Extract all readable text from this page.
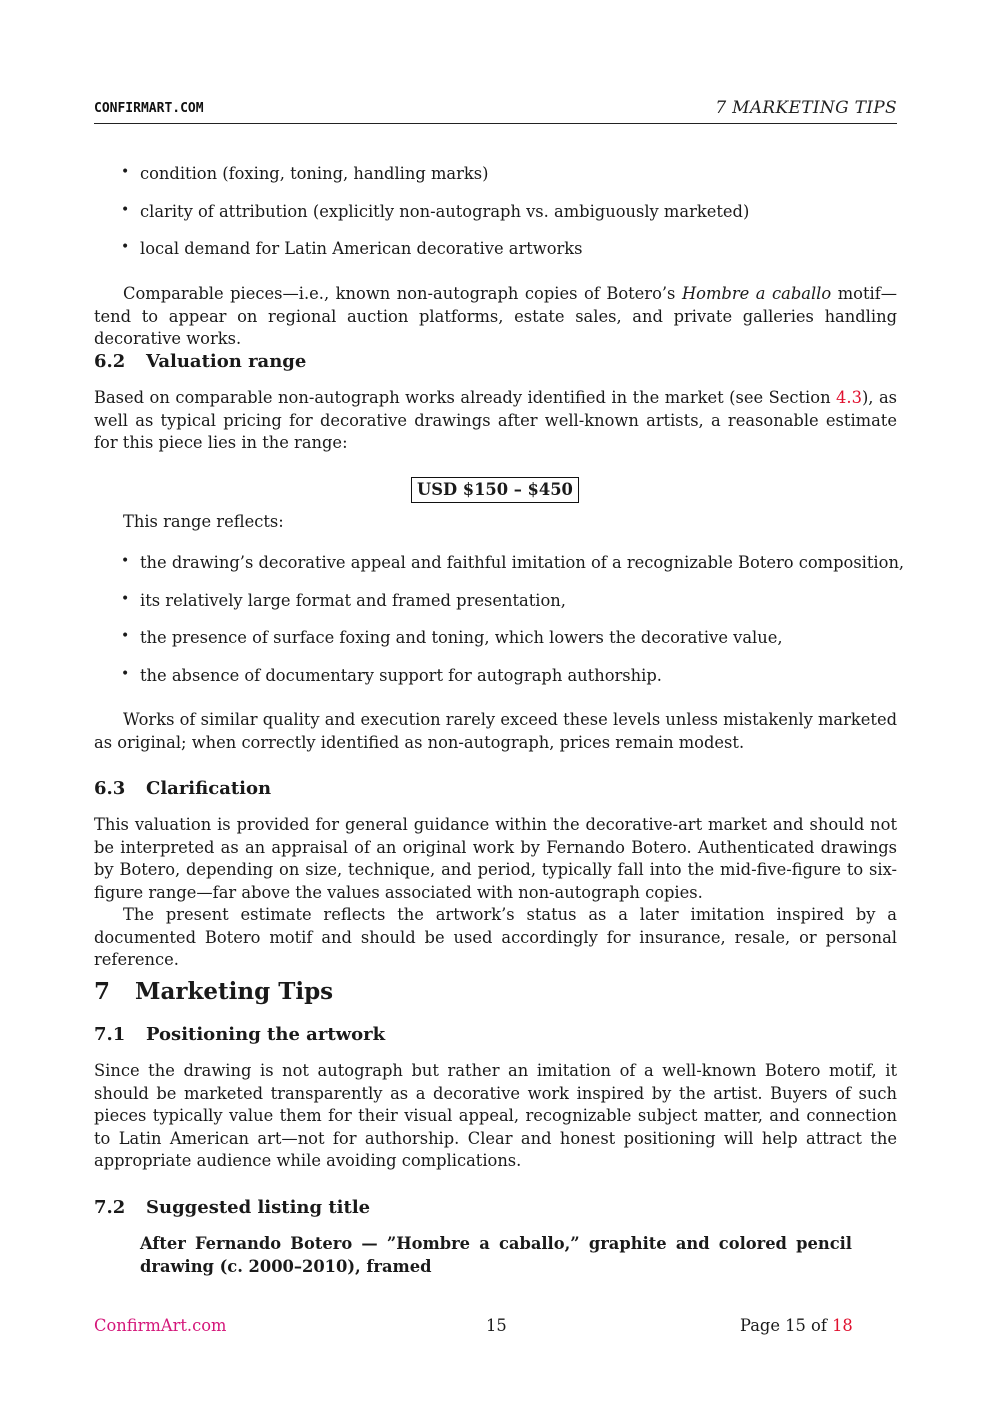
CONFIRMART.COM	7 MARKETING TIPS
• condition (foxing, toning, handling marks)
• clarity of attribution (explicitly non-autograph vs. ambiguously marketed)
• local demand for Latin American decorative artworks
Comparable pieces—i.e., known non-autograph copies of Botero’s Hombre a caballo motif—tend to appear on regional auction platforms, estate sales, and private galleries handling decorative works.
6.2 Valuation range
Based on comparable non-autograph works already identified in the market (see Section 4.3), as well as typical pricing for decorative drawings after well-known artists, a reasonable estimate for this piece lies in the range:
USD $150 – $450
This range reflects:
• the drawing’s decorative appeal and faithful imitation of a recognizable Botero composition,
• its relatively large format and framed presentation,
• the presence of surface foxing and toning, which lowers the decorative value,
• the absence of documentary support for autograph authorship.
Works of similar quality and execution rarely exceed these levels unless mistakenly marketed as original; when correctly identified as non-autograph, prices remain modest.
6.3 Clarification
This valuation is provided for general guidance within the decorative-art market and should not be interpreted as an appraisal of an original work by Fernando Botero. Authenticated drawings by Botero, depending on size, technique, and period, typically fall into the mid-five-figure to six-figure range—far above the values associated with non-autograph copies.
The present estimate reflects the artwork’s status as a later imitation inspired by a documented Botero motif and should be used accordingly for insurance, resale, or personal reference.
7 Marketing Tips
7.1 Positioning the artwork
Since the drawing is not autograph but rather an imitation of a well-known Botero motif, it should be marketed transparently as a decorative work inspired by the artist. Buyers of such pieces typically value them for their visual appeal, recognizable subject matter, and connection to Latin American art—not for authorship. Clear and honest positioning will help attract the appropriate audience while avoiding complications.
7.2 Suggested listing title
After Fernando Botero — ”Hombre a caballo,” graphite and colored pencil drawing (c. 2000–2010), framed
ConfirmArt.com	15	Page 15 of 18
